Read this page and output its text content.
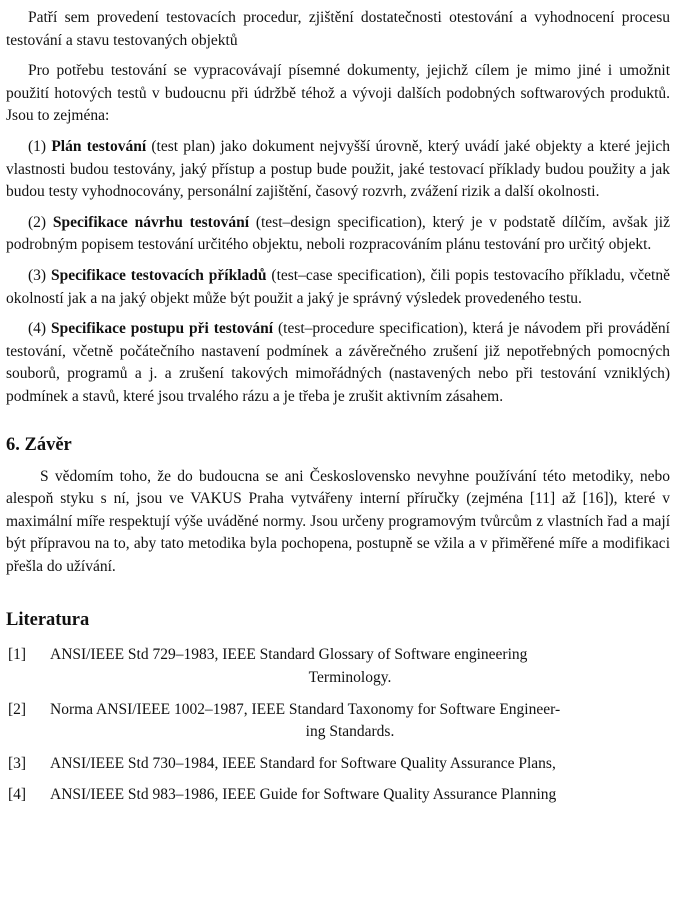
Patří sem provedení testovacích procedur, zjištění dostatečnosti otestování a vyhodnocení procesu testování a stavu testovaných objektů

Pro potřebu testování se vypracovávají písemné dokumenty, jejichž cílem je mimo jiné i umožnit použití hotových testů v budoucnu při údržbě téhož a vývoji dalších podobných softwarových produktů. Jsou to zejména:

(1) Plán testování (test plan) jako dokument nejvyšší úrovně, který uvádí jaké objekty a které jejich vlastnosti budou testovány, jaký přístup a postup bude použit, jaké testovací příklady budou použity a jak budou testy vyhodnocovány, personální zajištění, časový rozvrh, zvážení rizik a další okolnosti.

(2) Specifikace návrhu testování (test–design specification), který je v podstatě dílčím, avšak již podrobným popisem testování určitého objektu, neboli rozpracováním plánu testování pro určitý objekt.

(3) Specifikace testovacích příkladů (test–case specification), čili popis testovacího příkladu, včetně okolností jak a na jaký objekt může být použit a jaký je správný výsledek provedeného testu.

(4) Specifikace postupu při testování (test–procedure specification), která je návodem při provádění testování, včetně počátečního nastavení podmínek a závěrečného zrušení již nepotřebných pomocných souborů, programů a j. a zrušení takových mimořádných (nastavených nebo při testování vzniklých) podmínek a stavů, které jsou trvalého rázu a je třeba je zrušit aktivním zásahem.

6. Závěr

S vědomím toho, že do budoucna se ani Československo nevyhne používání této metodiky, nebo alespoň styku s ní, jsou ve VAKUS Praha vytvářeny interní příručky (zejména [11] až [16]), které v maximální míře respektují výše uváděné normy. Jsou určeny programovým tvůrcům z vlastních řad a mají být přípravou na to, aby tato metodika byla pochopena, postupně se vžila a v přiměřené míře a modifikaci přešla do užívání.

Literatura
[1]	ANSI/IEEE Std 729–1983, IEEE Standard Glossary of Software engineering
Terminology.
[2]	Norma ANSI/IEEE 1002–1987, IEEE Standard Taxonomy for Software Engineer-
ing Standards.
[3]	ANSI/IEEE Std 730–1984, IEEE Standard for Software Quality Assurance Plans,
[4]	ANSI/IEEE Std 983–1986, IEEE Guide for Software Quality Assurance Planning
